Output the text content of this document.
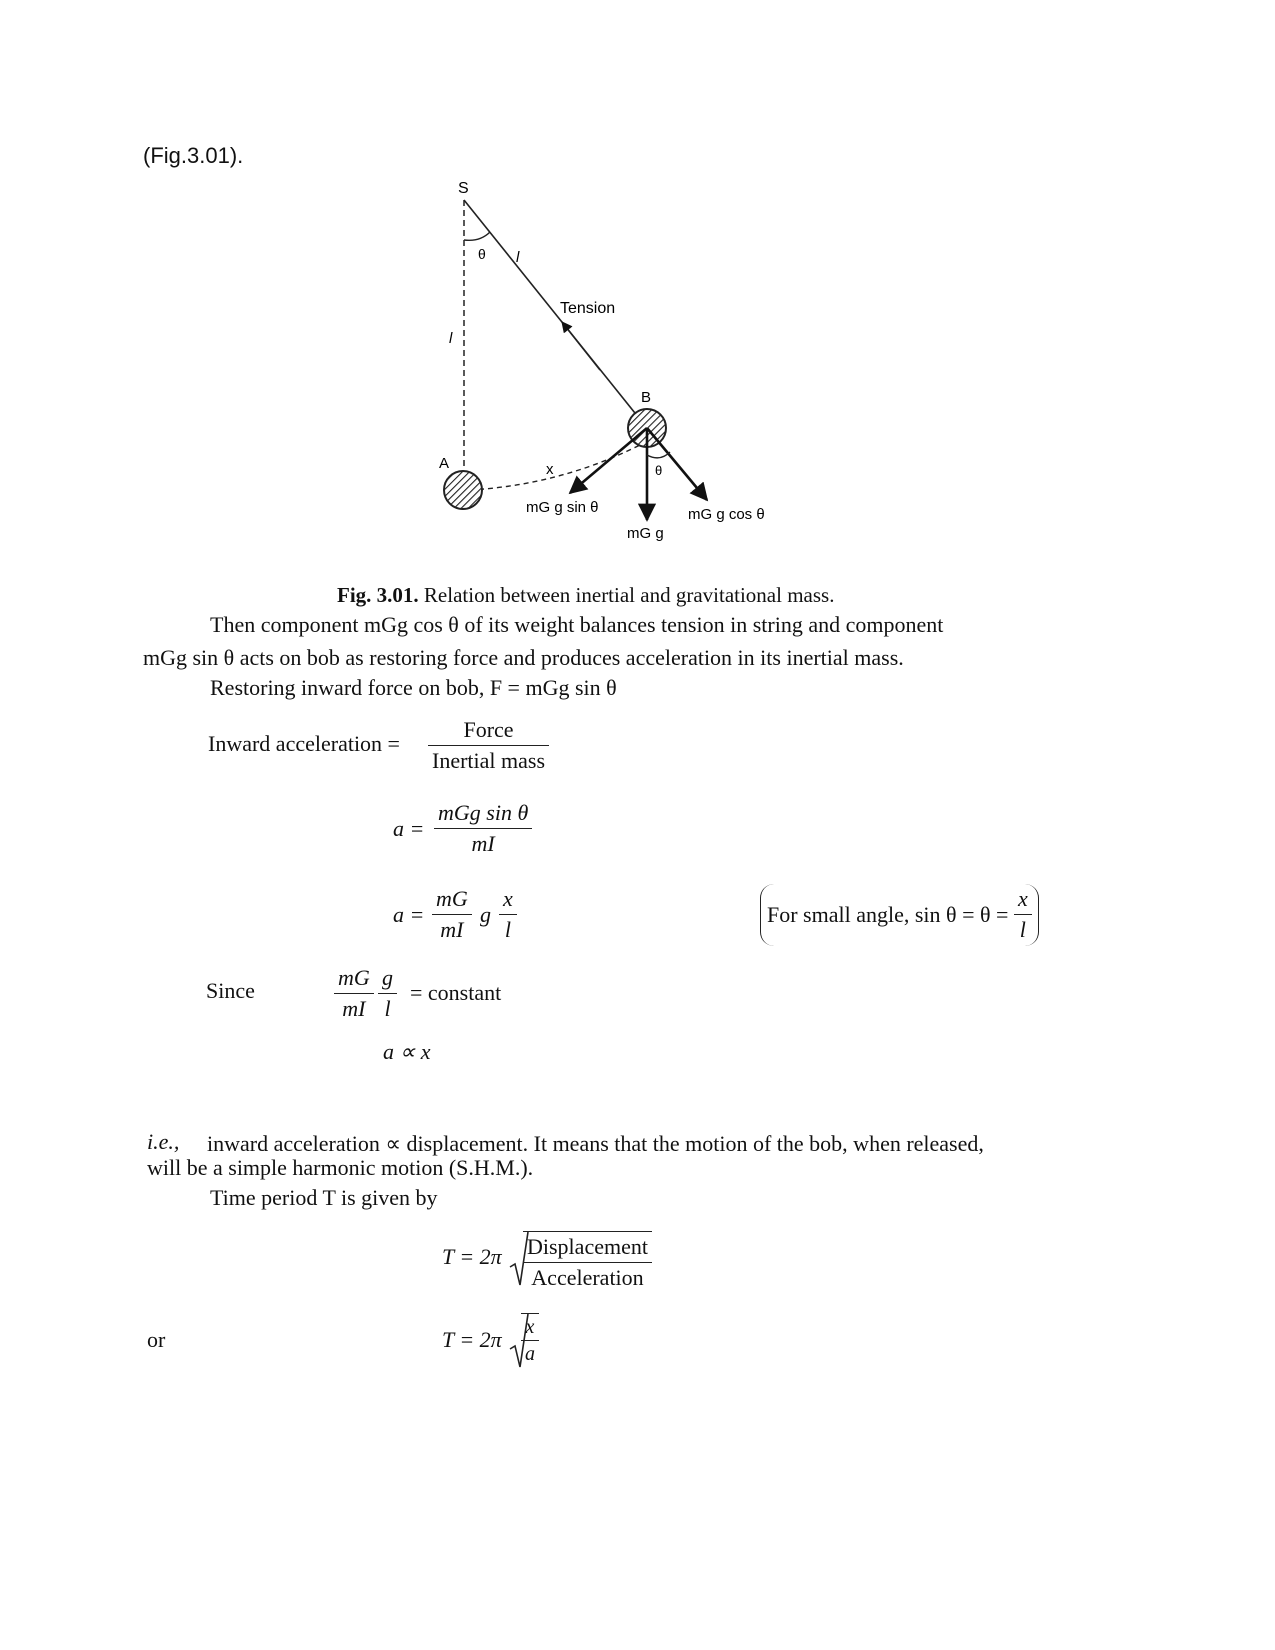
(Fig.3.01).
S
θ l
l
Tension
B
A	x	θ
mG g sin θ
mG g
mG g cos θ
Fig. 3.01. Relation between inertial and gravitational mass.
Then component mGg cos θ of its weight balances tension in string and component
mGg sin θ acts on bob as restoring force and produces acceleration in its inertial mass.
Restoring inward force on bob, F = mGg sin θ
Inward acceleration =
Force
Inertial mass
a =
mGg sin θ
mI
$a = \frac{mG}{mI}$ g $\frac{x}{l}$	For small angle, $\sin \theta = \theta = \frac{x}{l}$
Since	$\frac{mG}{mI} \frac{g}{l}$ = constant
a ∝ x
i.e., inward acceleration ∝ displacement. It means that the motion of the bob, when released,
will be a simple harmonic motion (S.H.M.).
Time period T is given by
T = 2π Displacement
Acceleration
or	$T = 2\pi \frac{x}{a}$
